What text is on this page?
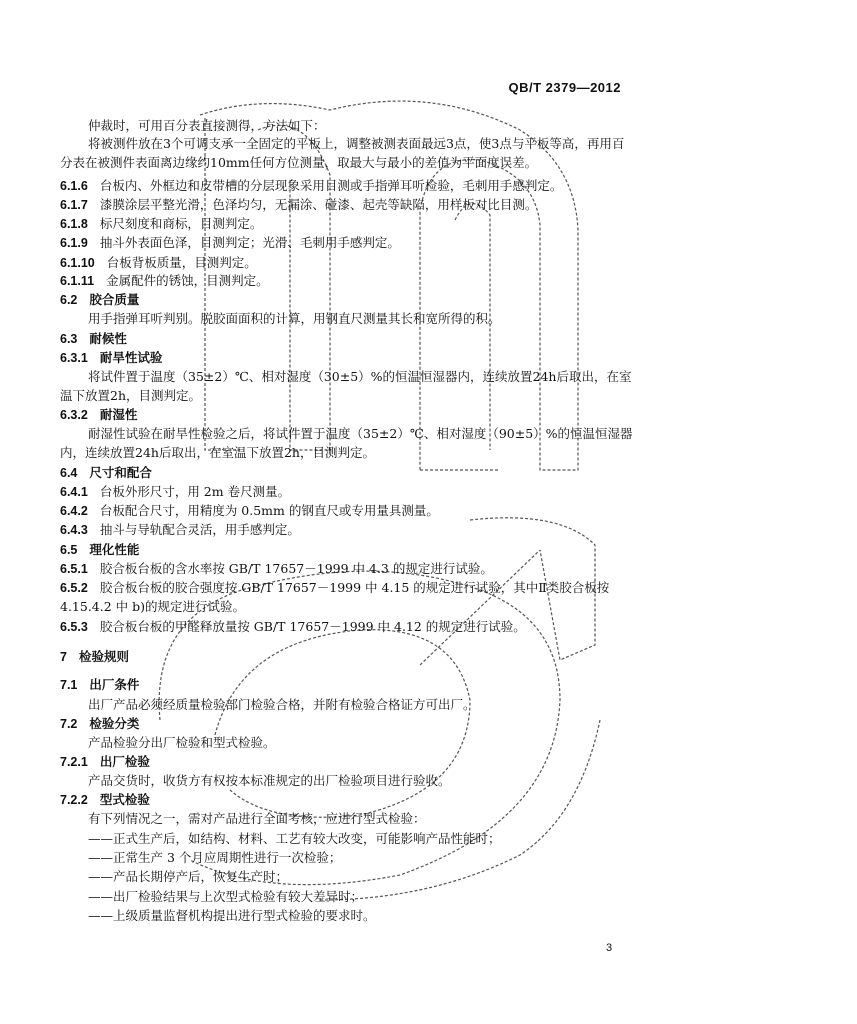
QB/T 2379—2012
仲裁时，可用百分表直接测得，方法如下：
将被测件放在3个可调支承一全固定的平板上，调整被测表面最远3点，使3点与平板等高，再用百
分表在被测件表面离边缘约10mm任何方位测量，取最大与最小的差值为平面度误差。
6.1.6 台板内、外框边和皮带槽的分层现象采用目测或手指弹耳听检验，毛刺用手感判定。
6.1.7 漆膜涂层平整光滑，色泽均匀，无漏涂、碰漆、起壳等缺陷，用样板对比目测。
6.1.8 标尺刻度和商标，目测判定。
6.1.9 抽斗外表面色泽，目测判定；光滑、毛刺用手感判定。
6.1.10 台板背板质量，目测判定。
6.1.11 金属配件的锈蚀，目测判定。
6.2 胶合质量
用手指弹耳听判别。脱胶面面积的计算，用钢直尺测量其长和宽所得的积。
6.3 耐候性
6.3.1 耐旱性试验
将试件置于温度（35±2）℃、相对湿度（30±5）%的恒温恒湿器内，连续放置24h后取出，在室
温下放置2h，目测判定。
6.3.2 耐湿性
耐湿性试验在耐旱性检验之后，将试件置于温度（35±2）℃、相对湿度（90±5）%的恒温恒湿器
内，连续放置24h后取出，在室温下放置2h，目测判定。
6.4 尺寸和配合
6.4.1 台板外形尺寸，用 2m 卷尺测量。
6.4.2 台板配合尺寸，用精度为 0.5mm 的钢直尺或专用量具测量。
6.4.3 抽斗与导轨配合灵活，用手感判定。
6.5 理化性能
6.5.1 胶合板台板的含水率按 GB/T 17657－1999 中 4.3 的规定进行试验。
6.5.2 胶合板台板的胶合强度按 GB/T 17657－1999 中 4.15 的规定进行试验，其中Ⅱ类胶合板按
4.15.4.2 中 b)的规定进行试验。
6.5.3 胶合板台板的甲醛释放量按 GB/T 17657－1999 中 4.12 的规定进行试验。
7 检验规则
7.1 出厂条件
出厂产品必须经质量检验部门检验合格，并附有检验合格证方可出厂。
7.2 检验分类
产品检验分出厂检验和型式检验。
7.2.1 出厂检验
产品交货时，收货方有权按本标准规定的出厂检验项目进行验收。
7.2.2 型式检验
有下列情况之一，需对产品进行全面考核，应进行型式检验：
——正式生产后，如结构、材料、工艺有较大改变，可能影响产品性能时；
——正常生产 3 个月应周期性进行一次检验；
——产品长期停产后，恢复生产时；
——出厂检验结果与上次型式检验有较大差异时；
——上级质量监督机构提出进行型式检验的要求时。
3
